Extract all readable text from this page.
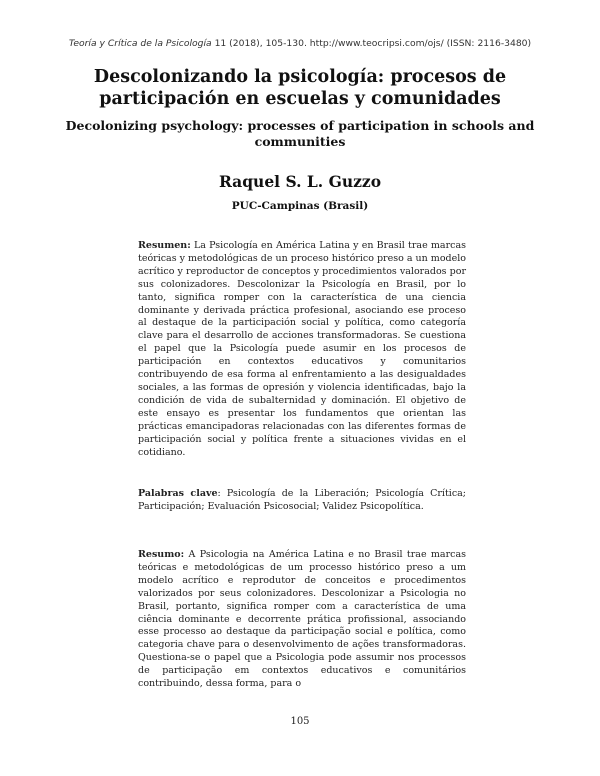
Teoría y Crítica de la Psicología 11 (2018), 105-130. http://www.teocripsi.com/ojs/ (ISSN: 2116-3480)
Descolonizando la psicología: procesos de participación en escuelas y comunidades
Decolonizing psychology: processes of participation in schools and communities
Raquel S. L. Guzzo
PUC-Campinas (Brasil)

Resumen: La Psicología en América Latina y en Brasil trae marcas teóricas y metodológicas de un proceso histórico preso a un modelo acrítico y reproductor de conceptos y procedimientos valorados por sus colonizadores. Descolonizar la Psicología en Brasil, por lo tanto, significa romper con la característica de una ciencia dominante y derivada práctica profesional, asociando ese proceso al destaque de la participación social y política, como categoría clave para el desarrollo de acciones transformadoras. Se cuestiona el papel que la Psicología puede asumir en los procesos de participación en contextos educativos y comunitarios contribuyendo de esa forma al enfrentamiento a las desigualdades sociales, a las formas de opresión y violencia identificadas, bajo la condición de vida de subalternidad y dominación. El objetivo de este ensayo es presentar los fundamentos que orientan las prácticas emancipadoras relacionadas con las diferentes formas de participación social y política frente a situaciones vividas en el cotidiano.

Palabras clave: Psicología de la Liberación; Psicología Crítica; Participación; Evaluación Psicosocial; Validez Psicopolítica.

Resumo: A Psicologia na América Latina e no Brasil trae marcas teóricas e metodológicas de um processo histórico preso a um modelo acrítico e reprodutor de conceitos e procedimentos valorizados por seus colonizadores. Descolonizar a Psicologia no Brasil, portanto, significa romper com a característica de uma ciência dominante e decorrente prática profissional, associando esse processo ao destaque da participação social e política, como categoria chave para o desenvolvimento de ações transformadoras. Questiona-se o papel que a Psicologia pode assumir nos processos de participação em contextos educativos e comunitários contribuindo, dessa forma, para o

105
